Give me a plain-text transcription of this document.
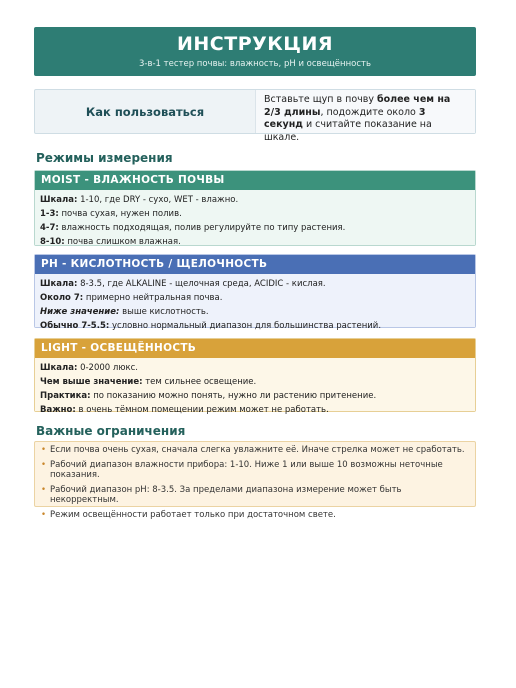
ИНСТРУКЦИЯ
3-в-1 тестер почвы: влажность, pH и освещённость
Как пользоваться
Вставьте щуп в почву более чем на 2/3 длины, подождите около 3 секунд и считайте показание на шкале.
Режимы измерения
MOIST - ВЛАЖНОСТЬ ПОЧВЫ
Шкала: 1-10, где DRY - сухо, WET - влажно.
1-3: почва сухая, нужен полив.
4-7: влажность подходящая, полив регулируйте по типу растения.
8-10: почва слишком влажная.
PH - КИСЛОТНОСТЬ / ЩЕЛОЧНОСТЬ
Шкала: 8-3.5, где ALKALINE - щелочная среда, ACIDIC - кислая.
Около 7: примерно нейтральная почва.
Ниже значение: выше кислотность.
Обычно 7-5.5: условно нормальный диапазон для большинства растений.
LIGHT - ОСВЕЩЁННОСТЬ
Шкала: 0-2000 люкс.
Чем выше значение: тем сильнее освещение.
Практика: по показанию можно понять, нужно ли растению притенение.
Важно: в очень тёмном помещении режим может не работать.
Важные ограничения
• Если почва очень сухая, сначала слегка увлажните её. Иначе стрелка может не сработать.
• Рабочий диапазон влажности прибора: 1-10. Ниже 1 или выше 10 возможны неточные показания.
• Рабочий диапазон pH: 8-3.5. За пределами диапазона измерение может быть некорректным.
• Режим освещённости работает только при достаточном свете.
